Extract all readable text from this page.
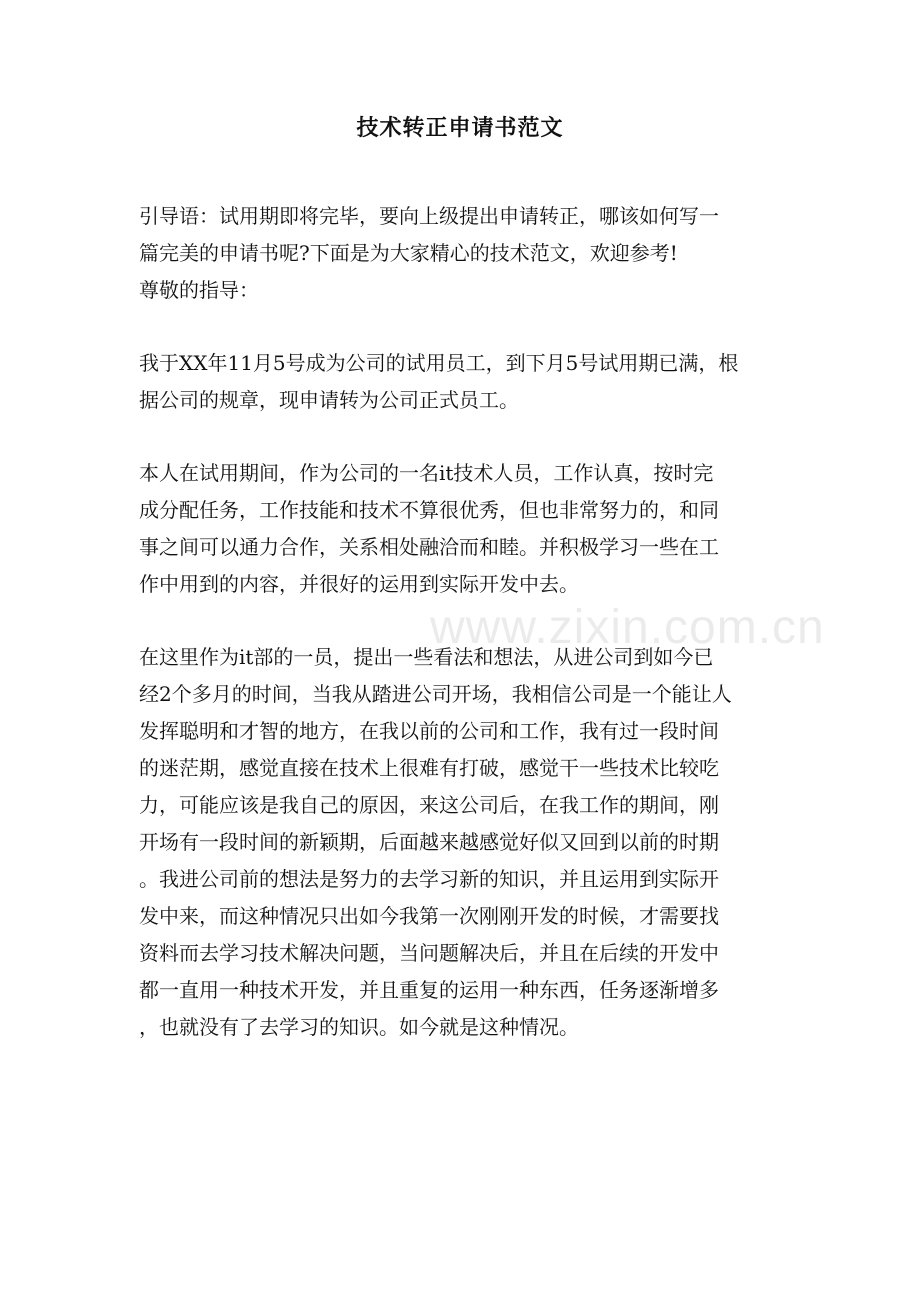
技术转正申请书范文
引导语：试用期即将完毕，要向上级提出申请转正，哪该如何写一
篇完美的申请书呢?下面是为大家精心的技术范文，欢迎参考!
尊敬的指导：
我于XX年11月5号成为公司的试用员工，到下月5号试用期已满，根
据公司的规章，现申请转为公司正式员工。
本人在试用期间，作为公司的一名it技术人员，工作认真，按时完
成分配任务，工作技能和技术不算很优秀，但也非常努力的，和同
事之间可以通力合作，关系相处融洽而和睦。并积极学习一些在工
作中用到的内容，并很好的运用到实际开发中去。
在这里作为it部的一员，提出一些看法和想法，从进公司到如今已
经2个多月的时间，当我从踏进公司开场，我相信公司是一个能让人
发挥聪明和才智的地方，在我以前的公司和工作，我有过一段时间
的迷茫期，感觉直接在技术上很难有打破，感觉干一些技术比较吃
力，可能应该是我自己的原因，来这公司后，在我工作的期间，刚
开场有一段时间的新颖期，后面越来越感觉好似又回到以前的时期
。我进公司前的想法是努力的去学习新的知识，并且运用到实际开
发中来，而这种情况只出如今我第一次刚刚开发的时候，才需要找
资料而去学习技术解决问题，当问题解决后，并且在后续的开发中
都一直用一种技术开发，并且重复的运用一种东西，任务逐渐增多
，也就没有了去学习的知识。如今就是这种情况。
www.zixin.com.cn
